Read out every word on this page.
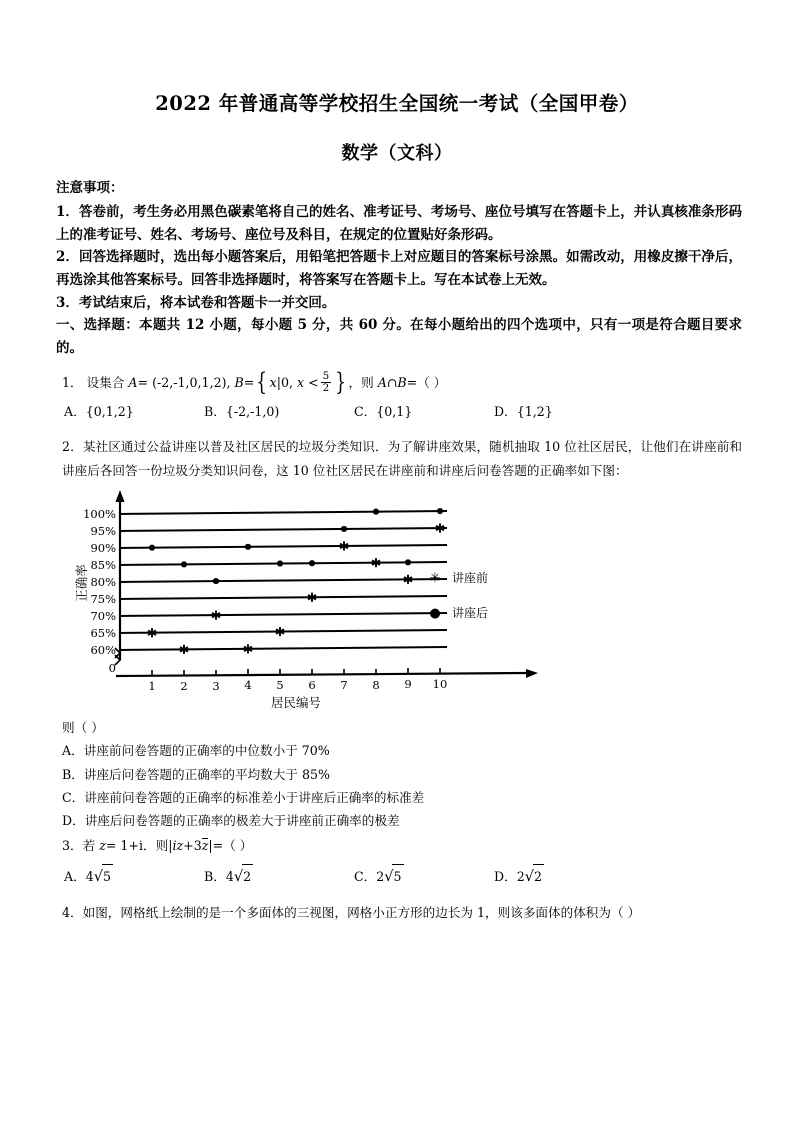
2022 年普通高等学校招生全国统一考试（全国甲卷）
数学（文科）
注意事项：

1．答卷前，考生务必用黑色碳素笔将自己的姓名、准考证号、考场号、座位号填写在答题卡上，并认真核准条形码上的准考证号、姓名、考场号、座位号及科目，在规定的位置贴好条形码。

2．回答选择题时，选出每小题答案后，用铅笔把答题卡上对应题目的答案标号涂黑。如需改动，用橡皮擦干净后，再选涂其他答案标号。回答非选择题时，将答案写在答题卡上。写在本试卷上无效。

3．考试结束后，将本试卷和答题卡一并交回。

一、选择题：本题共 12 小题，每小题 5 分，共 60 分。在每小题给出的四个选项中，只有一项是符合题目要求的。

1． 设集合 A= (-2,-1,0,1,2), B={ x|0, $x < \frac{5}{2}$ } ，则 A∩B=（ ）

A．{0,1,2}	B．{-2,-1,0)	C．{0,1}	D．{1,2}

2．某社区通过公益讲座以普及社区居民的垃圾分类知识．为了解讲座效果，随机抽取 10 位社区居民，让他们在讲座前和讲座后各回答一份垃圾分类知识问卷，这 10 位社区居民在讲座前和讲座后问卷答题的正确率如下图：

100%
95%
90%
85%
80%
75%
70%
65%
60%
0
1 2 3 4 5 6 7 8 9 10
居民编号
正确率	✳ 讲座前
● 讲座后

则（ ）

A．讲座前问卷答题的正确率的中位数小于 70%

B．讲座后问卷答题的正确率的平均数大于 85%

C．讲座前问卷答题的正确率的标准差小于讲座后正确率的标准差

D．讲座后问卷答题的正确率的极差大于讲座前正确率的极差

3．若 z= 1+i．则|iz+3z|=（ ）

A．4√5	B．4√2	C．2√5	D．2√2

4．如图，网格纸上绘制的是一个多面体的三视图，网格小正方形的边长为 1，则该多面体的体积为（ ）
